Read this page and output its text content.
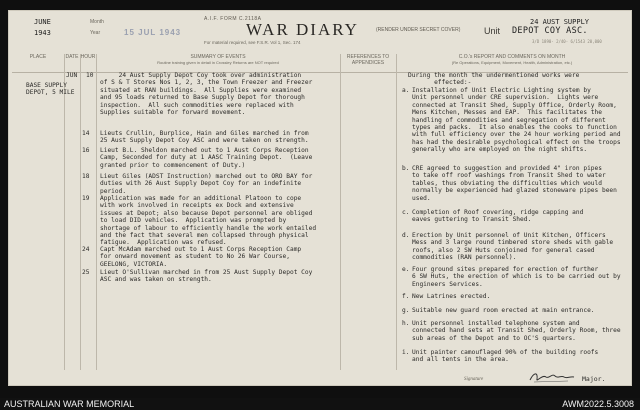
JUNE	Month
1943	Year	15 JUL 1943
A.I.F. FORM C.2118A
WAR DIARY
For material required, see F.S.R. Vol 1, Sec. 174
(RENDER UNDER SECRET COVER)
24 AUST SUPPLY
Unit DEPOT COY ASC.
3/D 1890- 2/40- 6/1543 20,000
PLACE	DATE HOUR	SUMMARY OF EVENTS
Routine training given in detail in Crossley Returns are NOT required
REFERENCES TO APPENDICES
C.O.'s REPORT AND COMMENTS ON MONTH
(Re Operations, Equipment, Movement, Health, Administration, etc.)
BASE SUPPLY
DEPOT, 5 MILE
JUN 10	24 Aust Supply Depot Coy took over administration
of S & T Stores Nos 1, 2, 3, the Town Freezer and Freezer
situated at RAN buildings.  All Supplies were examined
and 95 loads returned to Base Supply Depot for thorough
inspection.  All such commodities were replaced with
Supplies suitable for forward movement.
14 Lieuts Crullin, Burplice, Hain and Giles marched in from
25 Aust Supply Depot Coy ASC and were taken on strength.
16 Lieut B.L. Sheldon marched out to 1 Aust Corps Reception
Camp, Seconded for duty at 1 AASC Training Depot.  (Leave
granted prior to commencement of Duty.)
18 Lieut Giles (ADST Instruction) marched out to ORO BAY for
duties with 26 Aust Supply Depot Coy for an indefinite
period.
19 Application was made for an additional Platoon to cope
with work involved in receipts ex Dock and extensive
issues at Depot; also because Depot personnel are obliged
to load DID vehicles.  Application was prompted by
shortage of labour to efficiently handle the work entailed
and the fact that several men collapsed through physical
fatigue.  Application was refused.
24 Capt McAdam marched out to 1 Aust Corps Reception Camp
for onward movement as student to No 26 War Course,
GEELONG, VICTORIA.
25 Lieut O'Sullivan marched in from 25 Aust Supply Depot Coy
ASC and was taken on strength.
During the month the undermentioned works were
effected:-
a. Installation of Unit Electric Lighting system by
Unit personnel under CRE supervision.  Lights were
connected at Transit Shed, Supply Office, Orderly Room,
Mens Kitchen, Messes and EAP.  This facilitates the
handling of commodities and segregation of different
types and packs.  It also enables the cooks to function
with full efficiency over the 24 hour working period and
has had the desirable psychological effect on the troops
generally who are employed on the night shifts.
b. CRE agreed to suggestion and provided 4" iron pipes
to take off roof washings from Transit Shed to water
tables, thus obviating the difficulties which would
normally be experienced had glazed stoneware pipes been
used.
c. Completion of Roof covering, ridge capping and
eaves guttering to Transit Shed.
d. Erection by Unit personnel of Unit Kitchen, Officers
Mess and 3 large round timbered store sheds with gable
roofs, also 2 SW Huts conjoined for general cased
commodities (RAN personnel).
e. Four ground sites prepared for erection of further
6 SW Huts, the erection of which is to be carried out by
Engineers Services.
f. New Latrines erected.
g. Suitable new guard room erected at main entrance.
h. Unit personnel installed telephone system and
connected hand sets at Transit Shed, Orderly Room, three
sub areas of the Depot and to OC'S quarters.
i. Unit painter camouflaged 90% of the building roofs
and all tents in the area.
Signature	Major.
AUSTRALIAN WAR MEMORIAL	AWM2022.5.3008
